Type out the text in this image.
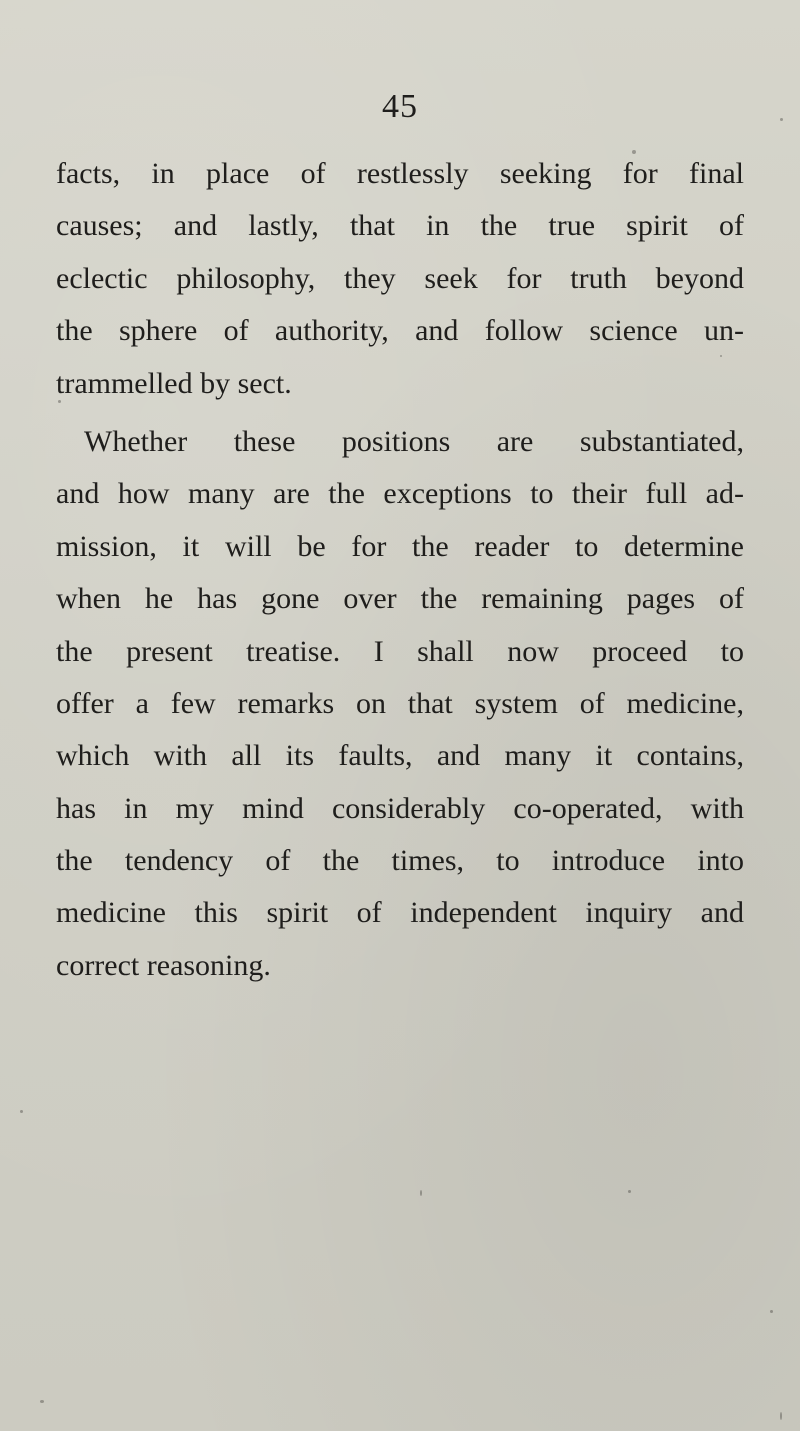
45
facts, in place of restlessly seeking for final
causes; and lastly, that in the true spirit of
eclectic philosophy, they seek for truth beyond
the sphere of authority, and follow science un-
trammelled by sect.
Whether these positions are substantiated,
and how many are the exceptions to their full ad-
mission, it will be for the reader to determine
when he has gone over the remaining pages of
the present treatise. I shall now proceed to
offer a few remarks on that system of medicine,
which with all its faults, and many it contains,
has in my mind considerably co-operated, with
the tendency of the times, to introduce into
medicine this spirit of independent inquiry and
correct reasoning.
